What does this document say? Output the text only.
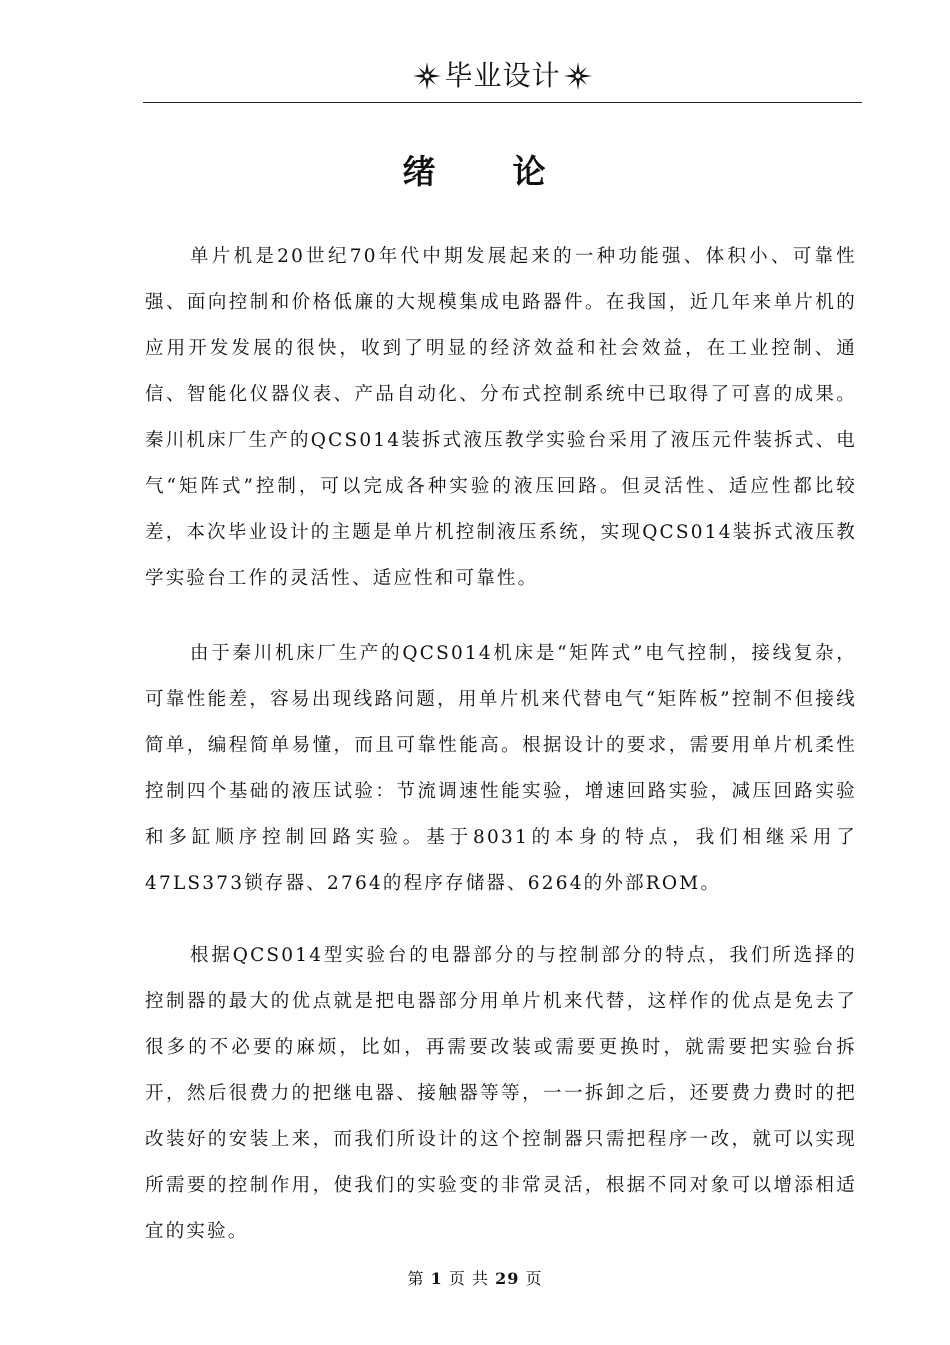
毕业设计
绪 论

单片机是20世纪70年代中期发展起来的一种功能强、体积小、可靠性强、面向控制和价格低廉的大规模集成电路器件。在我国，近几年来单片机的应用开发发展的很快，收到了明显的经济效益和社会效益，在工业控制、通信、智能化仪器仪表、产品自动化、分布式控制系统中已取得了可喜的成果。秦川机床厂生产的QCS014装拆式液压教学实验台采用了液压元件装拆式、电气“矩阵式”控制，可以完成各种实验的液压回路。但灵活性、适应性都比较差，本次毕业设计的主题是单片机控制液压系统，实现QCS014装拆式液压教学实验台工作的灵活性、适应性和可靠性。

由于秦川机床厂生产的QCS014机床是“矩阵式”电气控制，接线复杂，可靠性能差，容易出现线路问题，用单片机来代替电气“矩阵板”控制不但接线简单，编程简单易懂，而且可靠性能高。根据设计的要求，需要用单片机柔性控制四个基础的液压试验：节流调速性能实验，增速回路实验，减压回路实验和多缸顺序控制回路实验。基于8031的本身的特点，我们相继采用了47LS373锁存器、2764的程序存储器、6264的外部ROM。

根据QCS014型实验台的电器部分的与控制部分的特点，我们所选择的控制器的最大的优点就是把电器部分用单片机来代替，这样作的优点是免去了很多的不必要的麻烦，比如，再需要改装或需要更换时，就需要把实验台拆开，然后很费力的把继电器、接触器等等，一一拆卸之后，还要费力费时的把改装好的安装上来，而我们所设计的这个控制器只需把程序一改，就可以实现所需要的控制作用，使我们的实验变的非常灵活，根据不同对象可以增添相适宜的实验。

第 1 页 共 29 页
